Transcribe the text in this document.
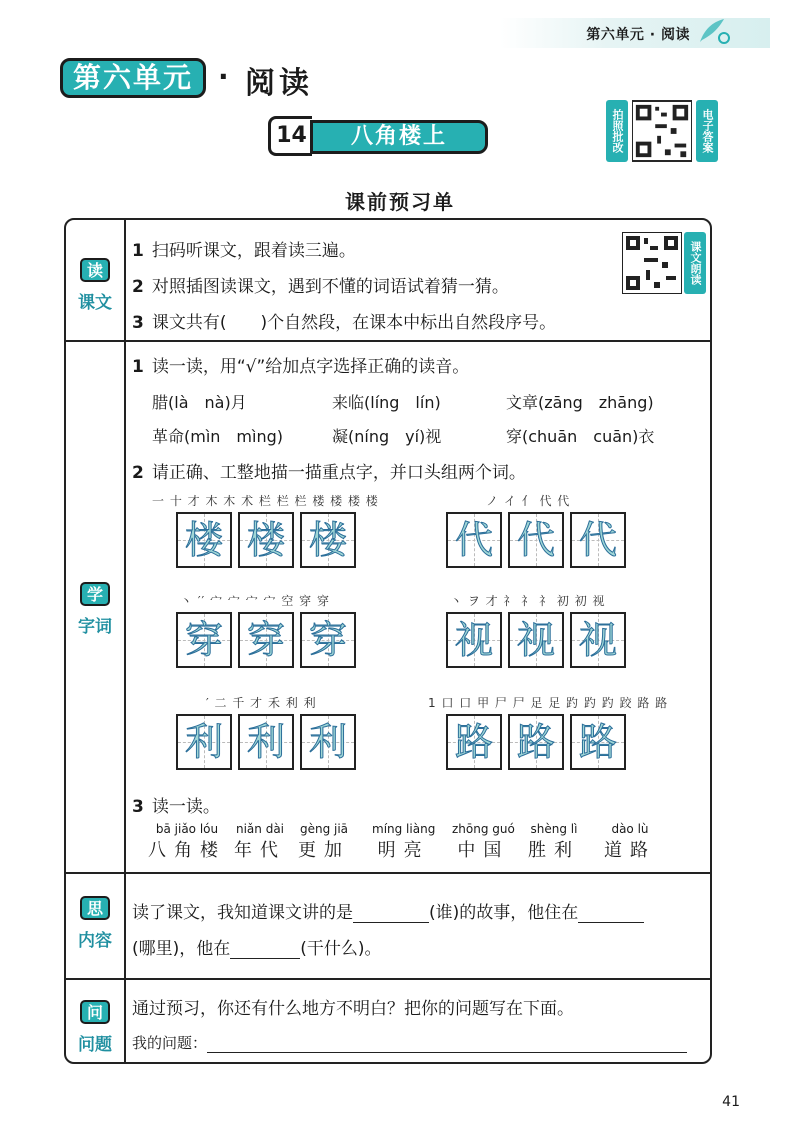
第六单元 · 阅读
第六单元 · 阅读
14	八角楼上	拍照批改	电子答案
课前预习单
读
课文
1 扫码听课文，跟着读三遍。
2 对照插图读课文，遇到不懂的词语试着猜一猜。
3 课文共有(　　)个自然段，在课本中标出自然段序号。
课文朗读
学
字词
1 读一读，用“√”给加点字选择正确的读音。
腊(là　nà)月	来临(líng　lín)	文章(zāng　zhāng)
革命(mìn　mìng)	凝(níng　yí)视	穿(chuān　cuān)衣
2 请正确、工整地描一描重点字，并口头组两个词。
一 十 才 木 木 术 栏 栏 栏 楼 楼 楼 楼
楼 楼 楼
ノ イ 亻 代 代
代 代 代
丶 ′′ 宀 宀 宀 宀 空 穿 穿
穿 穿 穿
丶 ヲ 才 礻 礻 礻 初 初 视
视 视 视
′ 二 千 才 禾 利 利
利 利 利
1 口 口 甲 尸 尸 足 足 趵 趵 趵 跤 路 路
路 路 路
3 读一读。
bā jiǎo lóu
八角楼
niǎn dài
年代
gèng jiā
更加
míng liàng
明亮
zhōng guó
中国
shèng lì
胜利
dào lù
道路
思
内容
读了课文，我知道课文讲的是	(谁)的故事，他住在
(哪里)，他在	(干什么)。
问
问题
通过预习，你还有什么地方不明白？把你的问题写在下面。
我的问题：
41
